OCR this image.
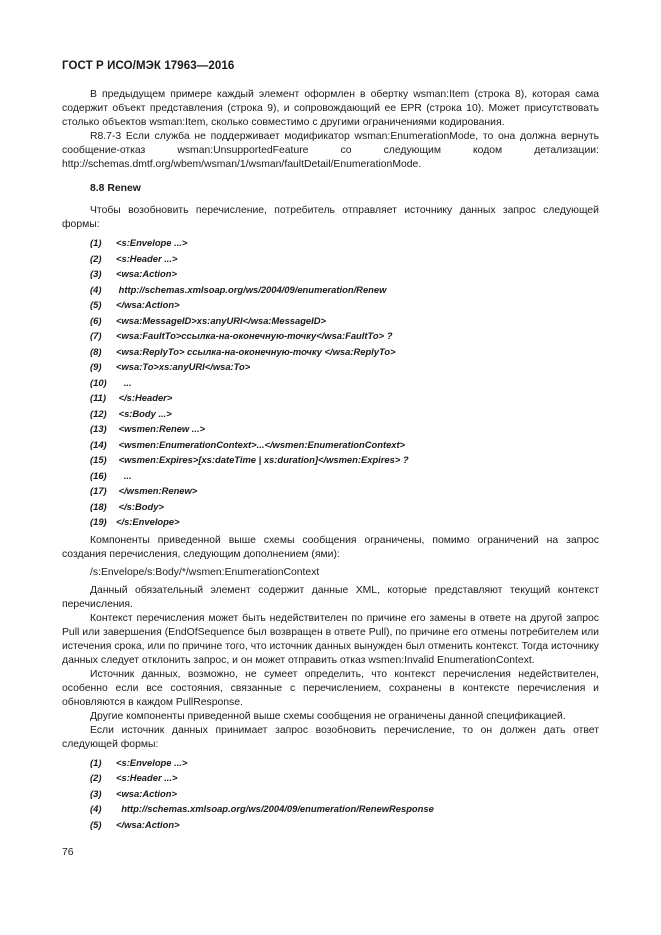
ГОСТ Р ИСО/МЭК 17963—2016

В предыдущем примере каждый элемент оформлен в обертку wsman:Item (строка 8), которая сама содержит объект представления (строка 9), и сопровождающий ее EPR (строка 10). Может присутствовать столько объектов wsman:Item, сколько совместимо с другими ограничениями кодирования.

R8.7-3 Если служба не поддерживает модификатор wsman:EnumerationMode, то она должна вернуть сообщение-отказ wsman:UnsupportedFeature со следующим кодом детализации: http://schemas.dmtf.org/wbem/wsman/1/wsman/faultDetail/EnumerationMode.

8.8 Renew

Чтобы возобновить перечисление, потребитель отправляет источнику данных запрос следующей формы:

(1)	<s:Envelope ...>
(2)	<s:Header ...>
(3)	<wsa:Action>
(4)	http://schemas.xmlsoap.org/ws/2004/09/enumeration/Renew
(5)	</wsa:Action>
(6)	<wsa:MessageID>xs:anyURI</wsa:MessageID>
(7)	<wsa:FaultTo>ссылка-на-оконечную-точку</wsa:FaultTo> ?
(8)	<wsa:ReplyTo> ссылка-на-оконечную-точку </wsa:ReplyTo>
(9)	<wsa:To>xs:anyURI</wsa:To>
(10) ...
(11)	</s:Header>
(12) <s:Body ...>
(13) <wsmen:Renew ...>
(14) <wsmen:EnumerationContext>...</wsmen:EnumerationContext>
(15) <wsmen:Expires>[xs:dateTime | xs:duration]</wsmen:Expires> ?
(16) ...
(17) </wsmen:Renew>
(18) </s:Body>
(19) </s:Envelope>

Компоненты приведенной выше схемы сообщения ограничены, помимо ограничений на запрос создания перечисления, следующим дополнением (ями):

/s:Envelope/s:Body/*/wsmen:EnumerationContext

Данный обязательный элемент содержит данные XML, которые представляют текущий контекст перечисления.

Контекст перечисления может быть недействителен по причине его замены в ответе на другой запрос Pull или завершения (EndOfSequence был возвращен в ответе Pull), по причине его отмены потребителем или истечения срока, или по причине того, что источник данных вынужден был отменить контекст. Тогда источнику данных следует отклонить запрос, и он может отправить отказ wsmen:Invalid EnumerationContext.

Источник данных, возможно, не сумеет определить, что контекст перечисления недействителен, особенно если все состояния, связанные с перечислением, сохранены в контексте перечисления и обновляются в каждом PullResponse.

Другие компоненты приведенной выше схемы сообщения не ограничены данной спецификацией.

Если источник данных принимает запрос возобновить перечисление, то он должен дать ответ следующей формы:

(1)	<s:Envelope ...>
(2)	<s:Header ...>
(3)	<wsa:Action>
(4)	http://schemas.xmlsoap.org/ws/2004/09/enumeration/RenewResponse
(5)	</wsa:Action>
76
